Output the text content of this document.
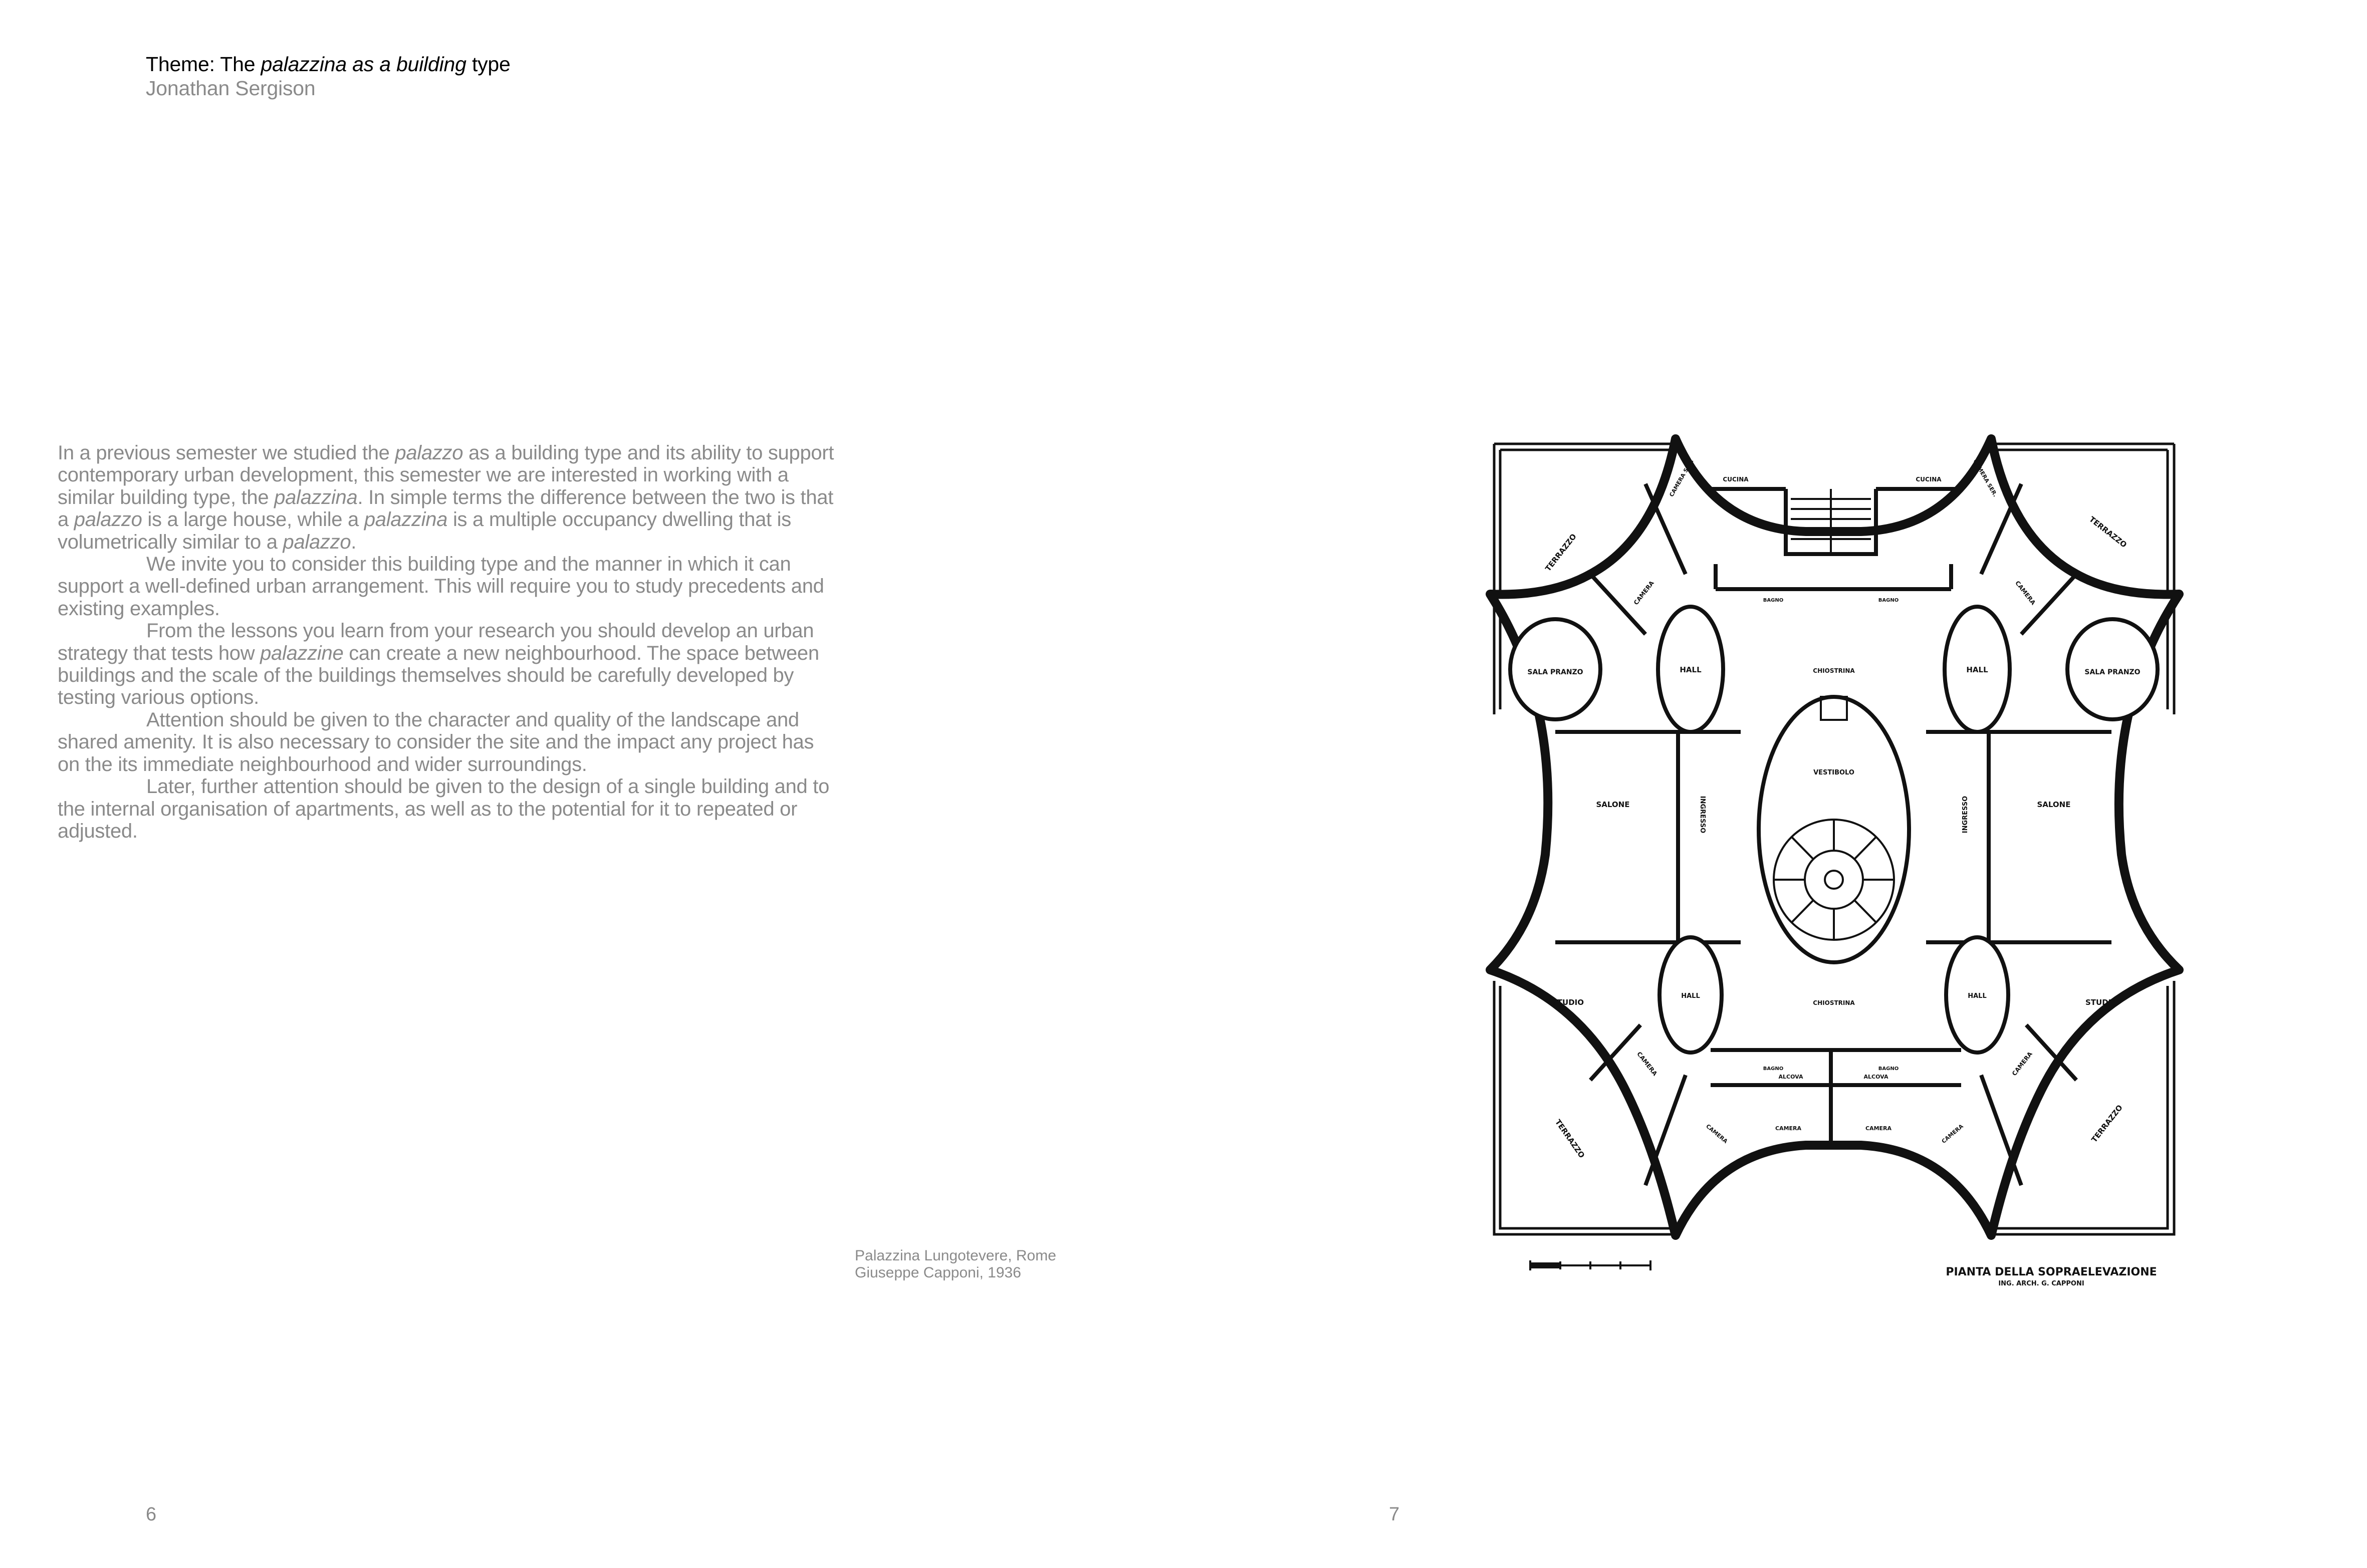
Theme: The palazzina as a building type
Jonathan Sergison

In a previous semester we studied the palazzo as a building type and its ability to support contemporary urban development, this semester we are interested in working with a similar building type, the palazzina. In simple terms the difference between the two is that a palazzo is a large house, while a palazzina is a multiple occupancy dwelling that is volumetrically similar to a palazzo.

We invite you to consider this building type and the manner in which it can support a well-defined urban arrangement. This will require you to study precedents and existing examples.

From the lessons you learn from your research you should develop an urban strategy that tests how palazzine can create a new neighbourhood. The space between buildings and the scale of the buildings themselves should be carefully developed by testing various options.

Attention should be given to the character and quality of the landscape and shared amenity. It is also necessary to consider the site and the impact any project has on the its immediate neighbourhood and wider surroundings.

Later, further attention should be given to the design of a single building and to the internal organisation of apartments, as well as to the potential for it to repeated or adjusted.

Palazzina Lungotevere, Rome
Giuseppe Capponi, 1936
TERRAZZO	TERRAZZO
TERRAZZO	TERRAZZO
CUCINA	CUCINA
CAMERA SER.	CAMERA SER.
CAMERA	CAMERA
BAGNO	BAGNO
SALA PRANZO	SALA PRANZO
HALL	HALL
CHIOSTRINA
SALONE	SALONE
INGRESSO	INGRESSO
VESTIBOLO
HALL	HALL
CHIOSTRINA
STUDIO	STUDIO
BAGNO	BAGNO
CAMERA	CAMERA
ALCOVA	ALCOVA
CAMERA	CAMERA	CAMERA	CAMERA
PIANTA DELLA SOPRAELEVAZIONE
ING. ARCH. G. CAPPONI
6	7
